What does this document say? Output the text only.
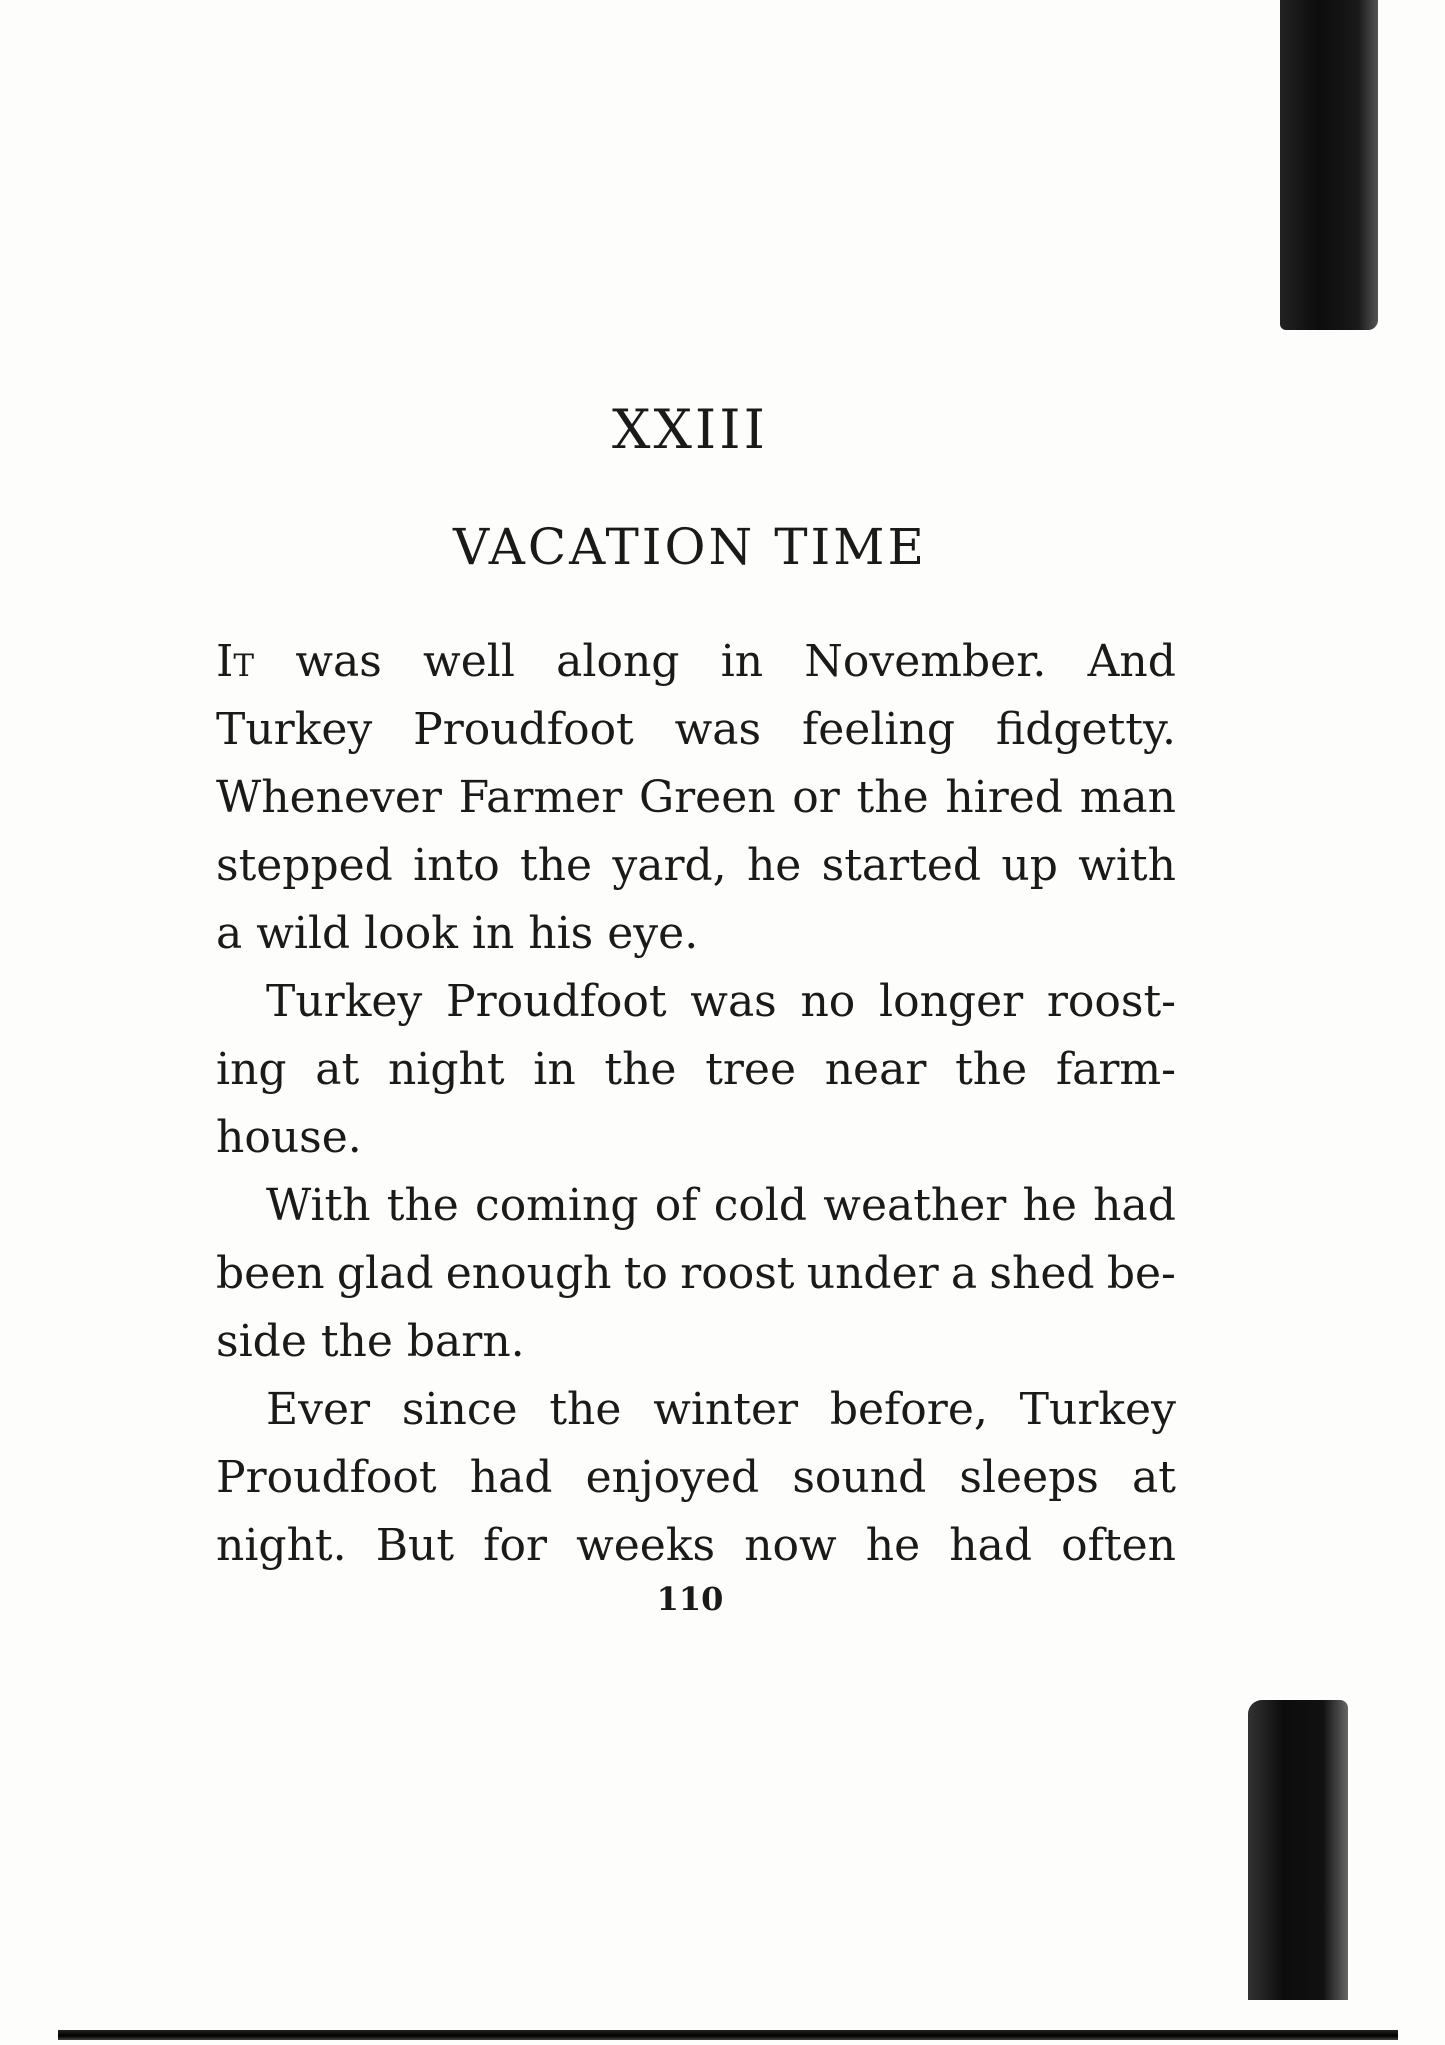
XXIII
VACATION TIME
It was well along in November. And
Turkey Proudfoot was feeling fidgetty.
Whenever Farmer Green or the hired man
stepped into the yard, he started up with
a wild look in his eye.
Turkey Proudfoot was no longer roost-
ing at night in the tree near the farm-
house.
With the coming of cold weather he had
been glad enough to roost under a shed be-
side the barn.
Ever since the winter before, Turkey
Proudfoot had enjoyed sound sleeps at
night. But for weeks now he had often
110
